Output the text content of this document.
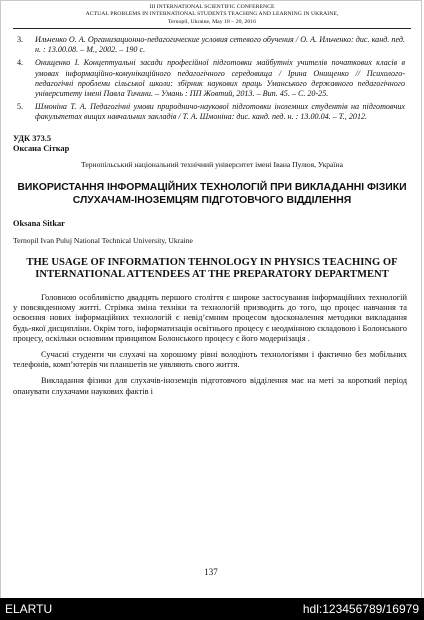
III INTERNATIONAL SCIENTIFIC CONFERENCE
ACTUAL PROBLEMS IN INTERNATIONAL STUDENTS TEACHING AND LEARNING IN UKRAINE,
Ternopil, Ukraine, May 18 – 20, 2016
3.	Ильченко О. А. Организационно-педагогические условия сетевого обучения / О. А. Ильченко: дис. канд. пед. н. : 13.00.08. – М., 2002. – 190 с.
4.	Онищенко І. Концептуальні засади професійної підготовки майбутніх учителів початкових класів в умовах інформаційно-комунікаційного педагогічного середовища / Ірина Онищенко // Психолого-педагогічні проблеми сільської школи: збірник наукових праць Уманського державного педагогічного університету імені Павла Тичини. – Умань : ПП Жовтий, 2013. – Вип. 45. – С. 20-25.
5.	Шмоніна Т. А. Педагогічні умови природничо-наукової підготовки іноземних студентів на підготовчих факультетах вищих навчальних закладів / Т. А. Шмоніна: дис. канд. пед. н. : 13.00.04. – Т., 2012.
УДК 373.5
Оксана Сіткар
Тернопільський національний технічний університет імені Івана Пулюя, Україна
ВИКОРИСТАННЯ ІНФОРМАЦІЙНИХ ТЕХНОЛОГІЙ ПРИ ВИКЛАДАННІ ФІЗИКИ СЛУХАЧАМ-ІНОЗЕМЦЯМ ПІДГОТОВЧОГО ВІДДІЛЕННЯ
Oksana Sitkar
Ternopil Ivan Puluj National Technical University, Ukraine
THE USAGE OF INFORMATION TEHNOLOGY IN PHYSICS TEACHING OF INTERNATIONAL ATTENDEES AT THE PREPARATORY DEPARTMENT

Головною особливістю двадцять першого століття є широке застосування інформаційних технологій у повсякденному житті. Стрімка зміна техніки та технологій призводить до того, що процес навчання та освоєння нових інформаційних технологій є невід’ємним процесом вдосконалення методики викладання будь-якої дисципліни. Окрім того, інформатизація освітнього процесу є неодмінною складовою і Болонського процесу, оскільки основним принципом Болонського процесу є його модернізація .

Сучасні студенти чи слухачі на хорошому рівні володіють технологіями і фактично без мобільних телефонів, комп’ютерів чи планшетів не уявляють свого життя.

Викладання фізики для слухачів-іноземців підготовчого відділення має на меті за короткий період опанувати слухачами наукових фактів і

137
ELARTU	hdl:123456789/16979
